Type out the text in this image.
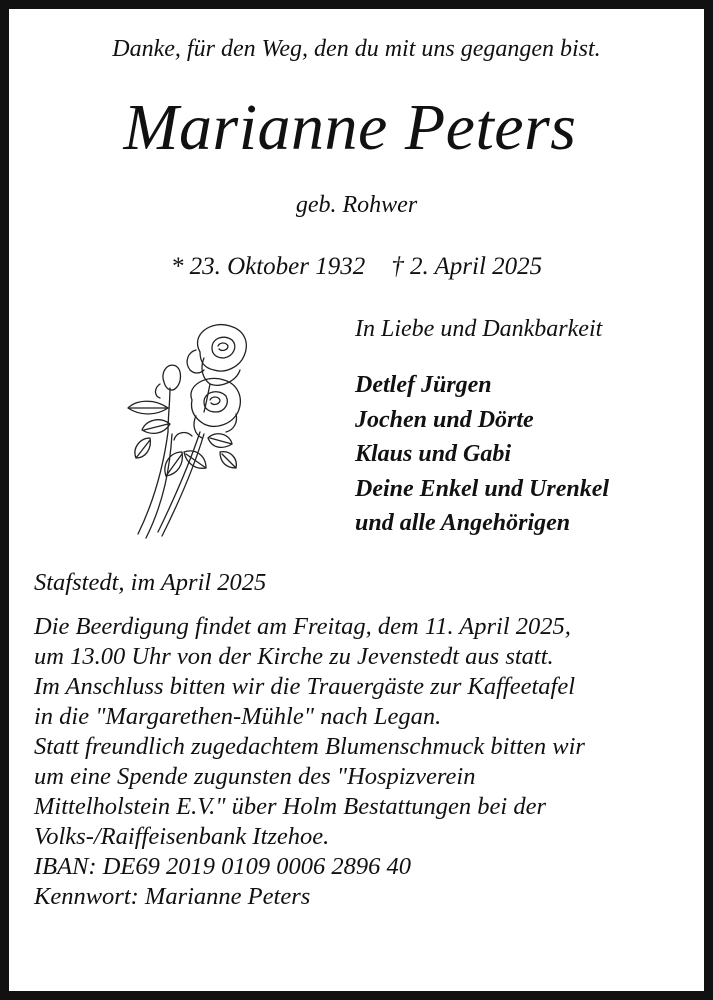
Danke, für den Weg, den du mit uns gegangen bist.
Marianne Peters
geb. Rohwer
* 23. Oktober 1932 † 2. April 2025
In Liebe und Dankbarkeit
Detlef Jürgen
Jochen und Dörte
Klaus und Gabi
Deine Enkel und Urenkel
und alle Angehörigen
Stafstedt, im April 2025
Die Beerdigung findet am Freitag, dem 11. April 2025,
um 13.00 Uhr von der Kirche zu Jevenstedt aus statt.
Im Anschluss bitten wir die Trauergäste zur Kaffeetafel
in die "Margarethen-Mühle" nach Legan.
Statt freundlich zugedachtem Blumenschmuck bitten wir
um eine Spende zugunsten des "Hospizverein
Mittelholstein E.V." über Holm Bestattungen bei der
Volks-/Raiffeisenbank Itzehoe.
IBAN: DE69 2019 0109 0006 2896 40
Kennwort: Marianne Peters
